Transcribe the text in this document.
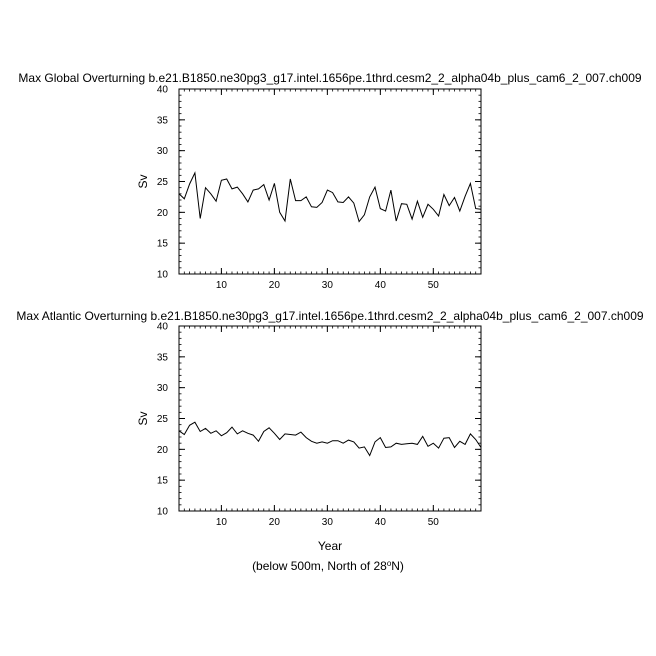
Max Global Overturning b.e21.B1850.ne30pg3_g17.intel.1656pe.1thrd.cesm2_2_alpha04b_plus_cam6_2_007.ch009
10	20	30	40	50
10
15
20
25
30
35
40
Sv
Max Atlantic Overturning b.e21.B1850.ne30pg3_g17.intel.1656pe.1thrd.cesm2_2_alpha04b_plus_cam6_2_007.ch009
10	20	30	40	50
10
15
20
25
30
35
40
Sv
Year
(below 500m, North of 28$^o$N)
